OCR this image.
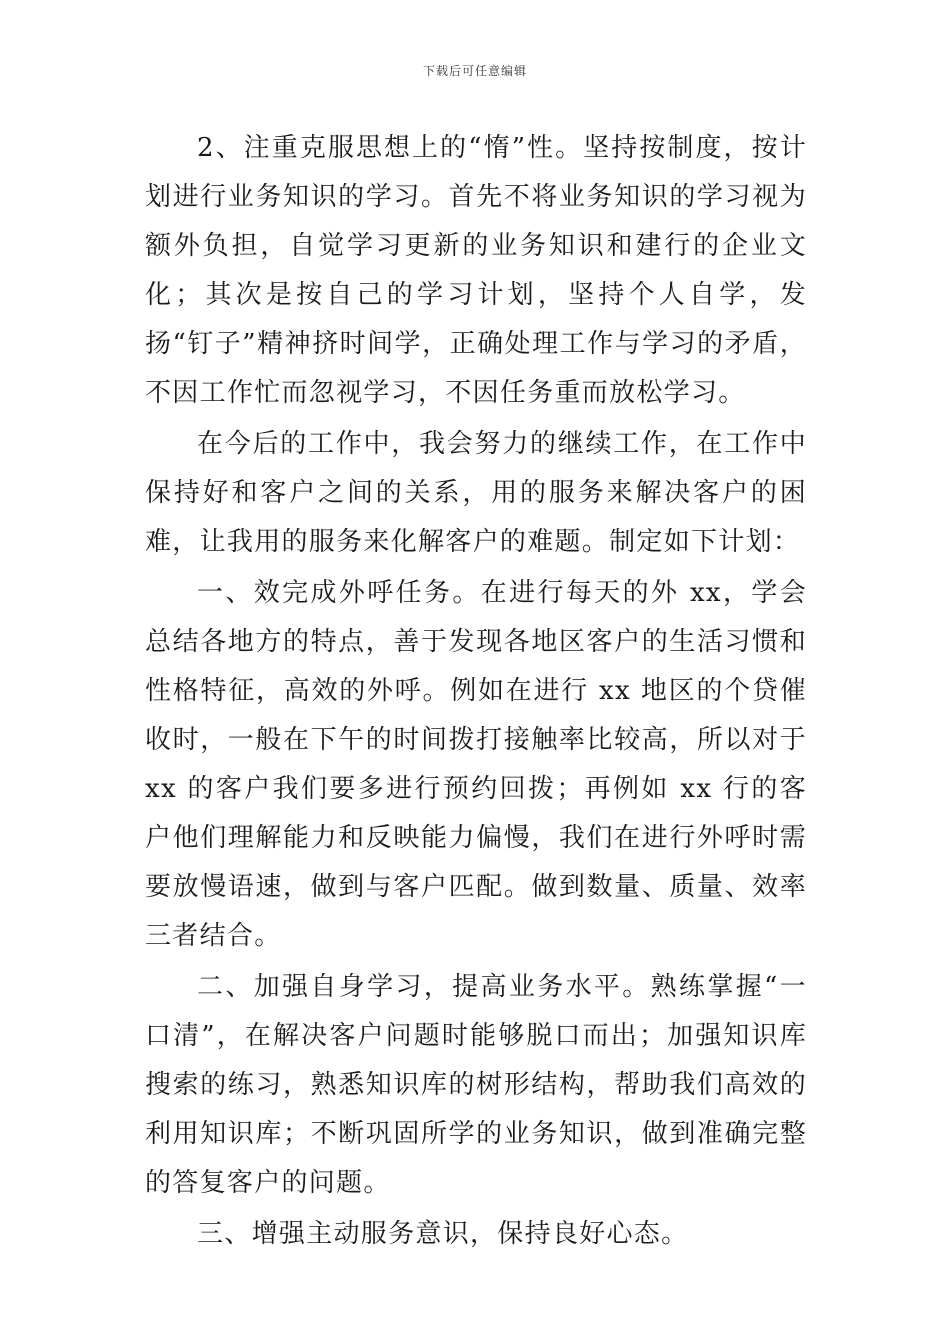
下载后可任意编辑

2、注重克服思想上的“惰”性。坚持按制度，按计划进行业务知识的学习。首先不将业务知识的学习视为额外负担，自觉学习更新的业务知识和建行的企业文化；其次是按自己的学习计划，坚持个人自学，发扬“钉子”精神挤时间学，正确处理工作与学习的矛盾，不因工作忙而忽视学习，不因任务重而放松学习。

在今后的工作中，我会努力的继续工作，在工作中保持好和客户之间的关系，用的服务来解决客户的困难，让我用的服务来化解客户的难题。制定如下计划：

一、效完成外呼任务。在进行每天的外 xx，学会总结各地方的特点，善于发现各地区客户的生活习惯和性格特征，高效的外呼。例如在进行 xx 地区的个贷催收时，一般在下午的时间拨打接触率比较高，所以对于 xx 的客户我们要多进行预约回拨；再例如 xx 行的客户他们理解能力和反映能力偏慢，我们在进行外呼时需要放慢语速，做到与客户匹配。做到数量、质量、效率三者结合。

二、加强自身学习，提高业务水平。熟练掌握“一口清”，在解决客户问题时能够脱口而出；加强知识库搜索的练习，熟悉知识库的树形结构，帮助我们高效的利用知识库；不断巩固所学的业务知识，做到准确完整的答复客户的问题。

三、增强主动服务意识，保持良好心态。
